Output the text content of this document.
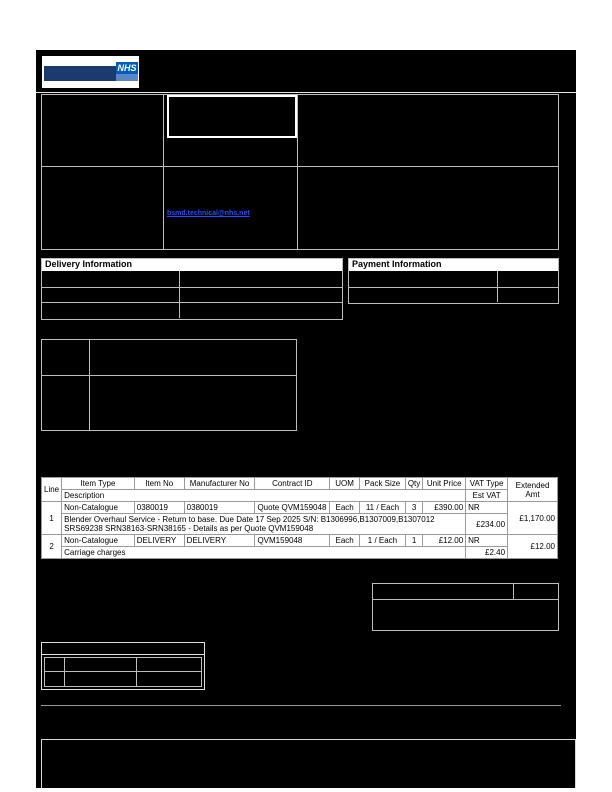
NHS
bsmd.technical@nhs.net
Delivery Information	Payment Information
Line	Item Type	Item No	Manufacturer No	Contract ID	UOM	Pack Size	Qty	Unit Price	VAT Type	Extended Amt
	Description								Est VAT	
1	Non-Catalogue	0380019	0380019	Quote QVM159048	Each	11 / Each	3	£390.00	NR	£1,170.00
	Blender Overhaul Service - Return to base. Due Date 17 Sep 2025 S/N: B1306996,B1307009,B1307012 SRS69238 SRN38163-SRN38165 - Details as per Quote QVM159048								£234.00	
2	Non-Catalogue	DELIVERY	DELIVERY	QVM159048	Each	1 / Each	1	£12.00	NR	£12.00
	Carriage charges								£2.40	
